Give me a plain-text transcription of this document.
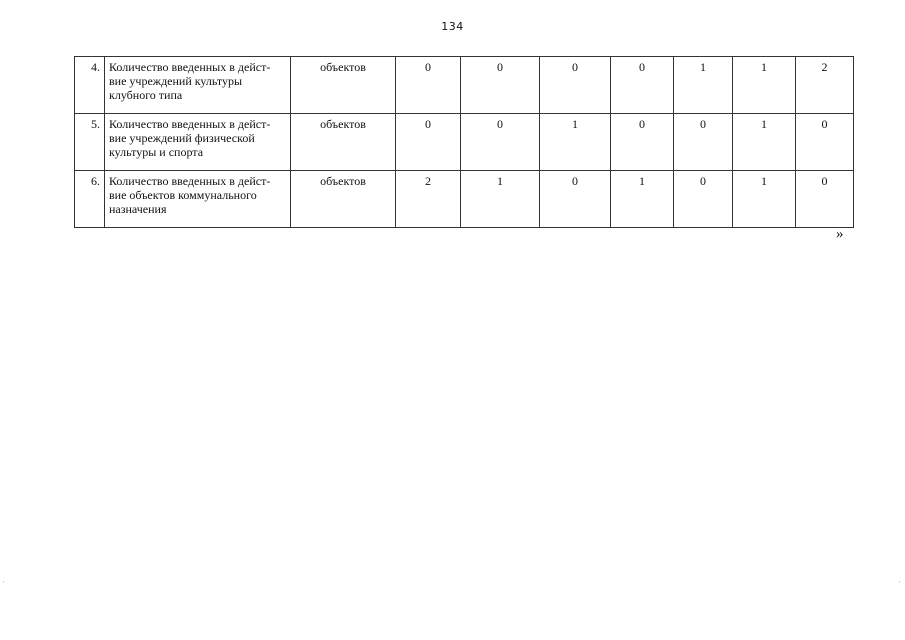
134
4.	Количество введенных в дейст-вие учреждений культуры клубного типа	объектов	0	0	0	0	1	1	2
5.	Количество введенных в дейст-вие учреждений физической культуры и спорта	объектов	0	0	1	0	0	1	0
6.	Количество введенных в дейст-вие объектов коммунального назначения	объектов	2	1	0	1	0	1	0
»
·	·
